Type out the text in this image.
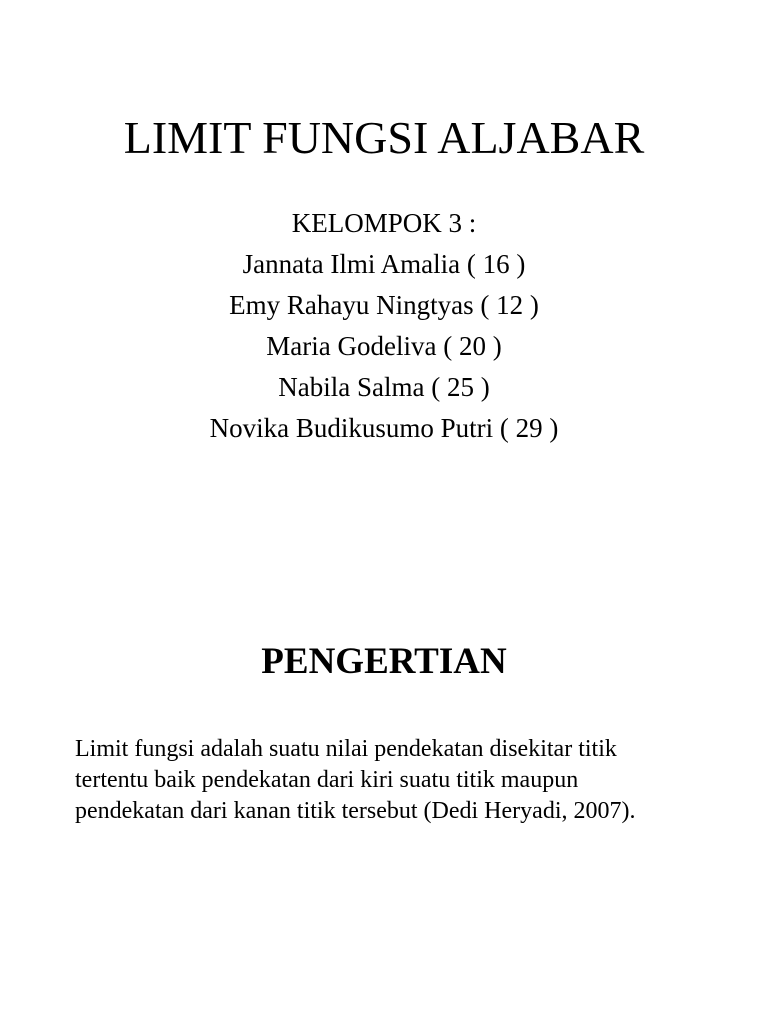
LIMIT FUNGSI ALJABAR
KELOMPOK 3 :
Jannata Ilmi Amalia ( 16 )
Emy Rahayu Ningtyas ( 12 )
Maria Godeliva ( 20 )
Nabila Salma ( 25 )
Novika Budikusumo Putri ( 29 )
PENGERTIAN

Limit fungsi adalah suatu nilai pendekatan disekitar titik
tertentu baik pendekatan dari kiri suatu titik maupun
pendekatan dari kanan titik tersebut (Dedi Heryadi, 2007).
